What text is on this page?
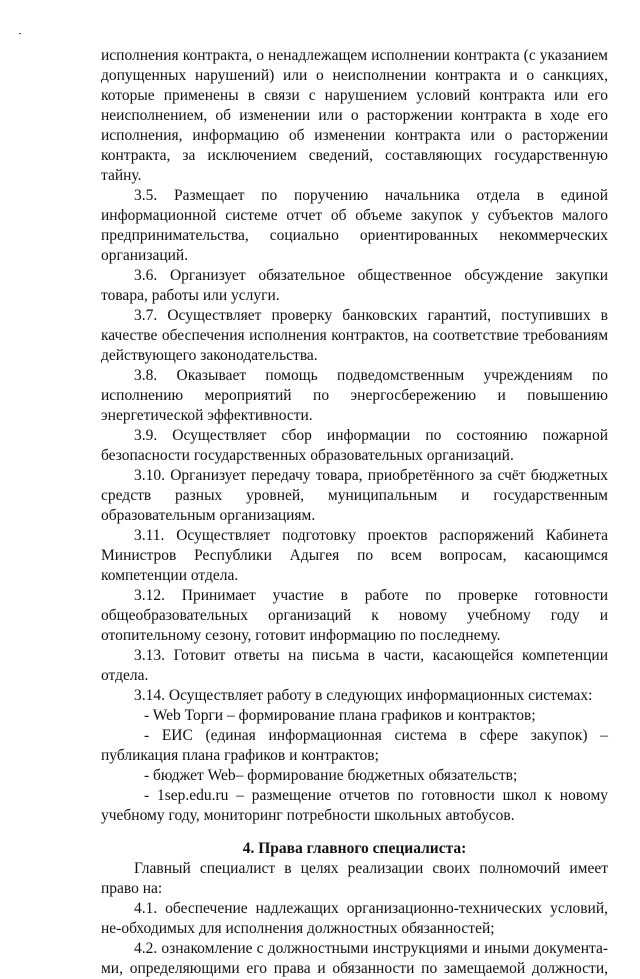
исполнения контракта, о ненадлежащем исполнении контракта (с указанием допущенных нарушений) или о неисполнении контракта и о санкциях, которые применены в связи с нарушением условий контракта или его неисполнением, об изменении или о расторжении контракта в ходе его исполнения, информацию об изменении контракта или о расторжении контракта, за исключением сведений, составляющих государственную тайну.

3.5. Размещает по поручению начальника отдела в единой информационной системе отчет об объеме закупок у субъектов малого предпринимательства, социально ориентированных некоммерческих организаций.

3.6. Организует обязательное общественное обсуждение закупки товара, работы или услуги.

3.7. Осуществляет проверку банковских гарантий, поступивших в качестве обеспечения исполнения контрактов, на соответствие требованиям действующего законодательства.

3.8. Оказывает помощь подведомственным учреждениям по исполнению мероприятий по энергосбережению и повышению энергетической эффективности.

3.9. Осуществляет сбор информации по состоянию пожарной безопасности государственных образовательных организаций.

3.10. Организует передачу товара, приобретённого за счёт бюджетных средств разных уровней, муниципальным и государственным образовательным организациям.

3.11. Осуществляет подготовку проектов распоряжений Кабинета Министров Республики Адыгея по всем вопросам, касающимся компетенции отдела.

3.12. Принимает участие в работе по проверке готовности общеобразовательных организаций к новому учебному году и отопительному сезону, готовит информацию по последнему.

3.13. Готовит ответы на письма в части, касающейся компетенции отдела.

3.14. Осуществляет работу в следующих информационных системах:

- Web Торги – формирование плана графиков и контрактов;

- ЕИС (единая информационная система в сфере закупок) – публикация плана графиков и контрактов;

- бюджет Web– формирование бюджетных обязательств;

- 1sep.edu.ru – размещение отчетов по готовности школ к новому учебному году, мониторинг потребности школьных автобусов.

4. Права главного специалиста:

Главный специалист в целях реализации своих полномочий имеет право на:

4.1. обеспечение надлежащих организационно-технических условий, не-обходимых для исполнения должностных обязанностей;

4.2. ознакомление с должностными инструкциями и иными документа-ми, определяющими его права и обязанности по замещаемой должности,
